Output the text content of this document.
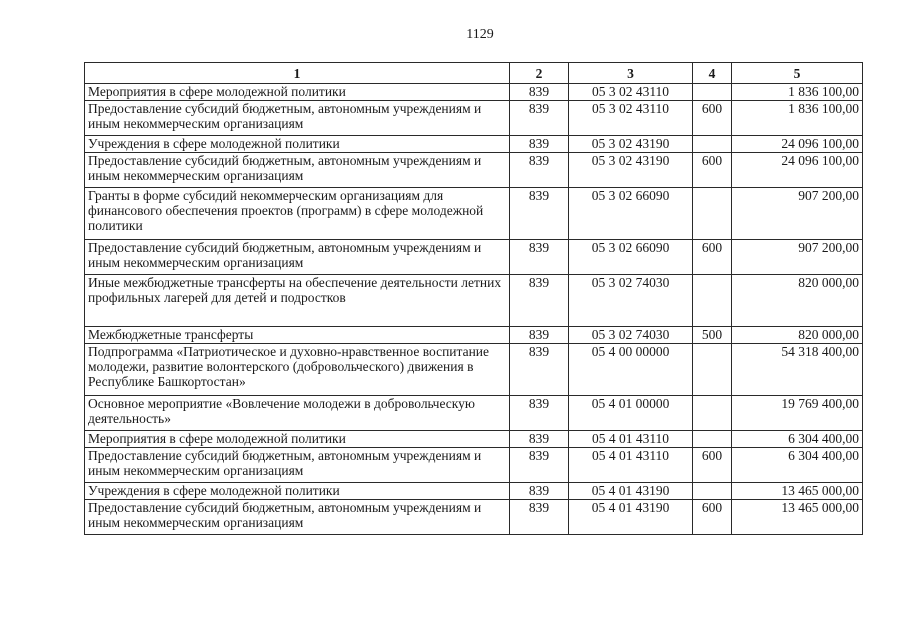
1129
1	2	3	4	5
Мероприятия в сфере молодежной политики	839	05 3 02 43110		1 836 100,00
Предоставление субсидий бюджетным, автономным учреждениям и иным некоммерческим организациям	839	05 3 02 43110	600	1 836 100,00
Учреждения в сфере молодежной политики	839	05 3 02 43190		24 096 100,00
Предоставление субсидий бюджетным, автономным учреждениям и иным некоммерческим организациям	839	05 3 02 43190	600	24 096 100,00
Гранты в форме субсидий некоммерческим организациям для финансового обеспечения проектов (программ) в сфере молодежной политики	839	05 3 02 66090		907 200,00
Предоставление субсидий бюджетным, автономным учреждениям и иным некоммерческим организациям	839	05 3 02 66090	600	907 200,00
Иные межбюджетные трансферты на обеспечение деятельности летних профильных лагерей для детей и подростков	839	05 3 02 74030		820 000,00
Межбюджетные трансферты	839	05 3 02 74030	500	820 000,00
Подпрограмма «Патриотическое и духовно-нравственное воспитание молодежи, развитие волонтерского (добровольческого) движения в Республике Башкортостан»	839	05 4 00 00000		54 318 400,00
Основное мероприятие «Вовлечение молодежи в добровольческую деятельность»	839	05 4 01 00000		19 769 400,00
Мероприятия в сфере молодежной политики	839	05 4 01 43110		6 304 400,00
Предоставление субсидий бюджетным, автономным учреждениям и иным некоммерческим организациям	839	05 4 01 43110	600	6 304 400,00
Учреждения в сфере молодежной политики	839	05 4 01 43190		13 465 000,00
Предоставление субсидий бюджетным, автономным учреждениям и иным некоммерческим организациям	839	05 4 01 43190	600	13 465 000,00
